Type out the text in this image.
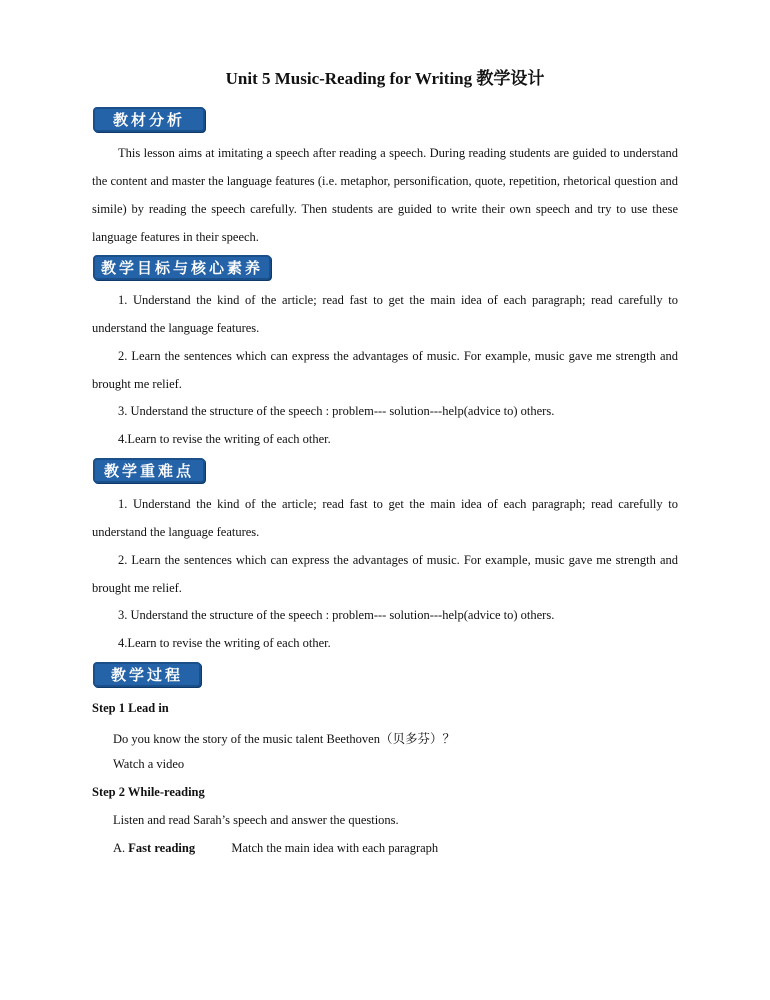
Unit 5 Music-Reading for Writing 教学设计
教材分析

This lesson aims at imitating a speech after reading a speech. During reading students are guided to understand the content and master the language features (i.e. metaphor, personification, quote, repetition, rhetorical question and simile) by reading the speech carefully. Then students are guided to write their own speech and try to use these language features in their speech.

教学目标与核心素养

1. Understand the kind of the article; read fast to get the main idea of each paragraph; read carefully to understand the language features.

2. Learn the sentences which can express the advantages of music. For example, music gave me strength and brought me relief.

3. Understand the structure of the speech : problem--- solution---help(advice to) others.

4.Learn to revise the writing of each other.

教学重难点

1. Understand the kind of the article; read fast to get the main idea of each paragraph; read carefully to understand the language features.

2. Learn the sentences which can express the advantages of music. For example, music gave me strength and brought me relief.

3. Understand the structure of the speech : problem--- solution---help(advice to) others.

4.Learn to revise the writing of each other.

教学过程
Step 1 Lead in
Do you know the story of the music talent Beethoven（贝多芬）？
Watch a video
Step 2 While-reading
Listen and read Sarah’s speech and answer the questions.
A. Fast reading	Match the main idea with each paragraph
